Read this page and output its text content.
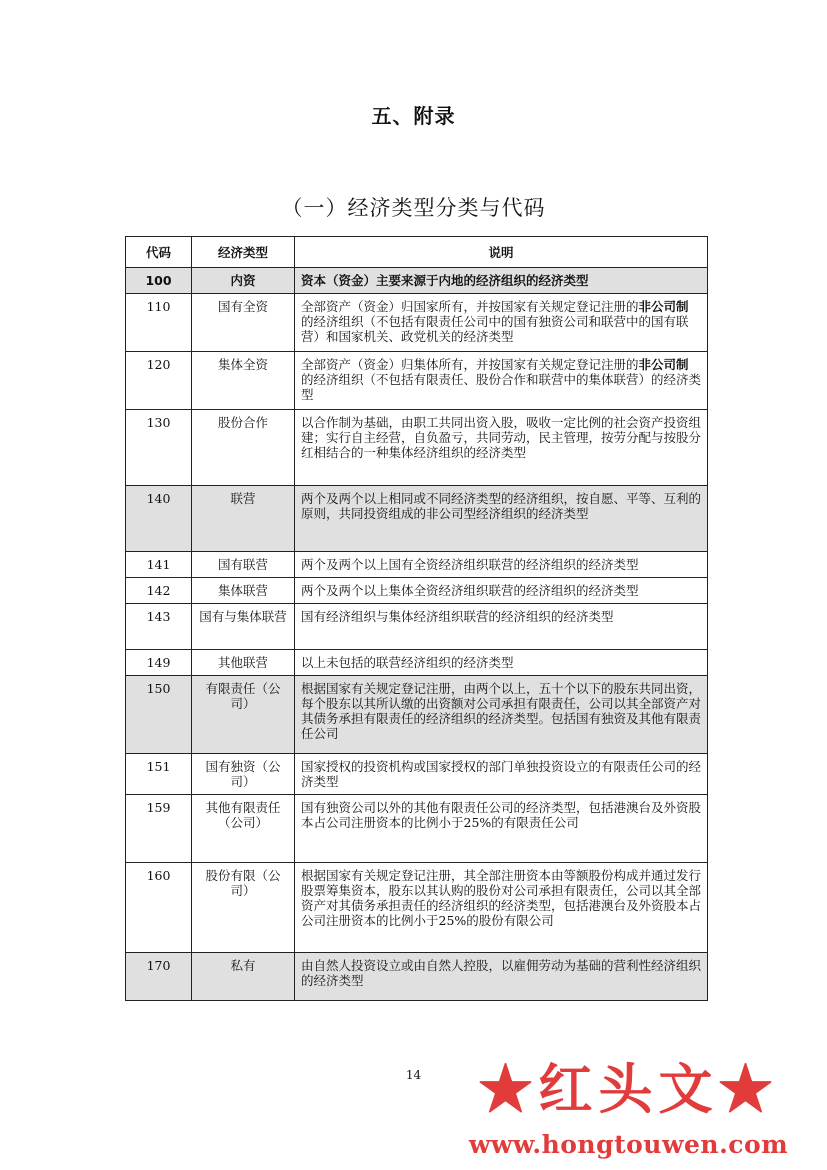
五、附录
（一）经济类型分类与代码
代码	经济类型	说明
100	内资	资本（资金）主要来源于内地的经济组织的经济类型
110	国有全资	全部资产（资金）归国家所有，并按国家有关规定登记注册的非公司制的经济组织（不包括有限责任公司中的国有独资公司和联营中的国有联营）和国家机关、政党机关的经济类型
120	集体全资	全部资产（资金）归集体所有，并按国家有关规定登记注册的非公司制的经济组织（不包括有限责任、股份合作和联营中的集体联营）的经济类型
130	股份合作	以合作制为基础，由职工共同出资入股，吸收一定比例的社会资产投资组建；实行自主经营，自负盈亏，共同劳动，民主管理，按劳分配与按股分红相结合的一种集体经济组织的经济类型
140	联营	两个及两个以上相同或不同经济类型的经济组织，按自愿、平等、互利的原则，共同投资组成的非公司型经济组织的经济类型
141	国有联营	两个及两个以上国有全资经济组织联营的经济组织的经济类型
142	集体联营	两个及两个以上集体全资经济组织联营的经济组织的经济类型
143	国有与集体联营	国有经济组织与集体经济组织联营的经济组织的经济类型
149	其他联营	以上未包括的联营经济组织的经济类型
150	有限责任（公司）	根据国家有关规定登记注册，由两个以上，五十个以下的股东共同出资，每个股东以其所认缴的出资额对公司承担有限责任，公司以其全部资产对其债务承担有限责任的经济组织的经济类型。包括国有独资及其他有限责任公司
151	国有独资（公司）	国家授权的投资机构或国家授权的部门单独投资设立的有限责任公司的经济类型
159	其他有限责任（公司）	国有独资公司以外的其他有限责任公司的经济类型，包括港澳台及外资股本占公司注册资本的比例小于25%的有限责任公司
160	股份有限（公司）	根据国家有关规定登记注册，其全部注册资本由等额股份构成并通过发行股票筹集资本，股东以其认购的股份对公司承担有限责任，公司以其全部资产对其债务承担责任的经济组织的经济类型，包括港澳台及外资股本占公司注册资本的比例小于25%的股份有限公司
170	私有	由自然人投资设立或由自然人控股，以雇佣劳动为基础的营利性经济组织的经济类型
14	★红头文★
www.hongtouwen.com
